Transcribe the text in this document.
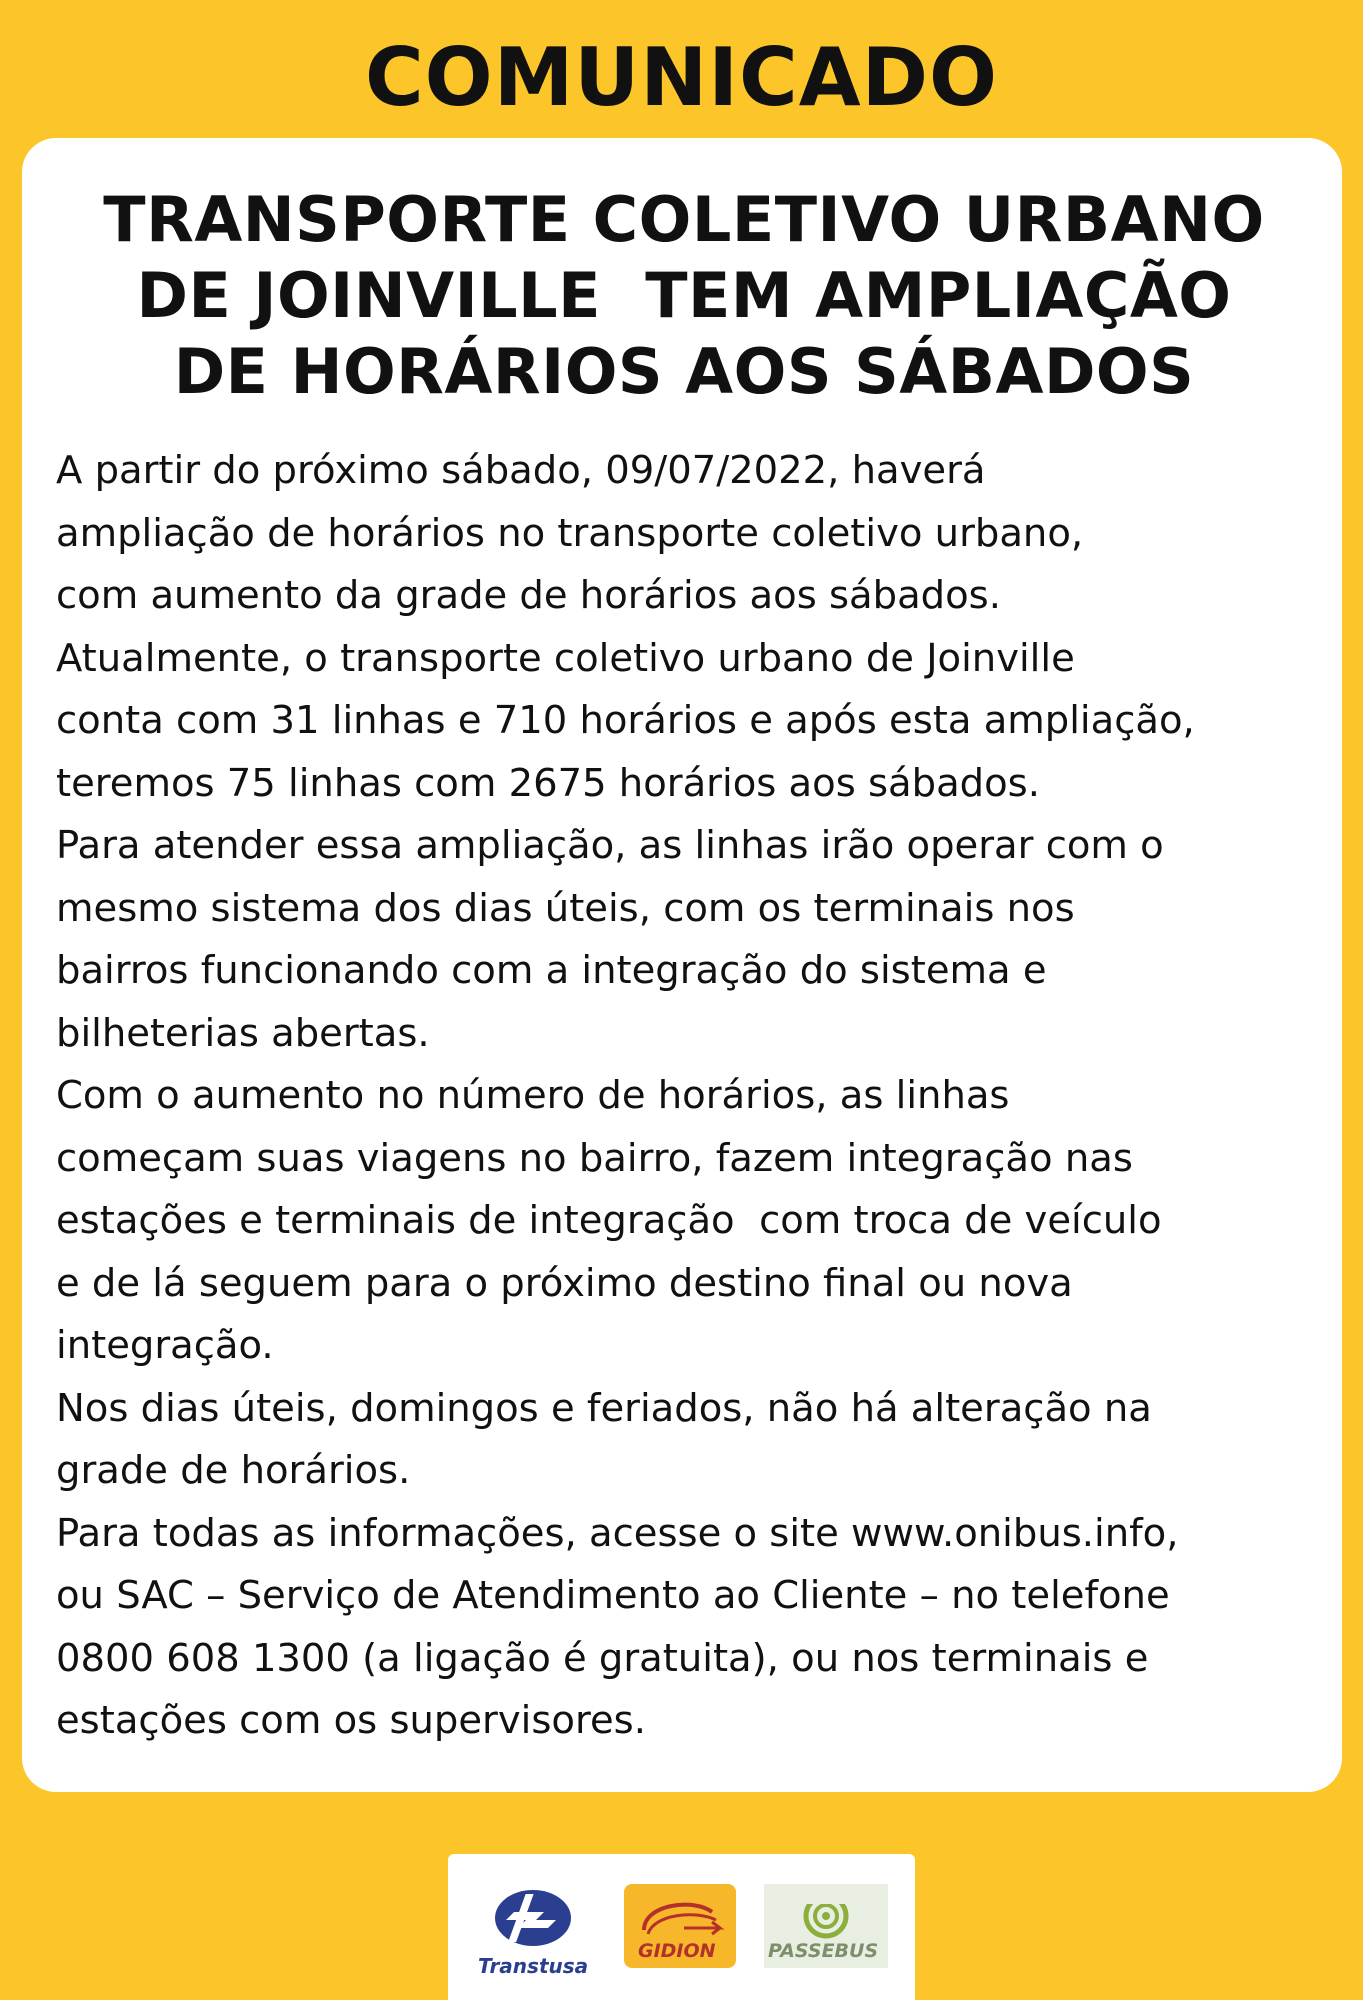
COMUNICADO
TRANSPORTE COLETIVO URBANO
DE JOINVILLE  TEM AMPLIAÇÃO
DE HORÁRIOS AOS SÁBADOS
A partir do próximo sábado, 09/07/2022, haverá
ampliação de horários no transporte coletivo urbano,
com aumento da grade de horários aos sábados.
Atualmente, o transporte coletivo urbano de Joinville
conta com 31 linhas e 710 horários e após esta ampliação,
teremos 75 linhas com 2675 horários aos sábados.
Para atender essa ampliação, as linhas irão operar com o
mesmo sistema dos dias úteis, com os terminais nos
bairros funcionando com a integração do sistema e
bilheterias abertas.
Com o aumento no número de horários, as linhas
começam suas viagens no bairro, fazem integração nas
estações e terminais de integração  com troca de veículo
e de lá seguem para o próximo destino final ou nova
integração.
Nos dias úteis, domingos e feriados, não há alteração na
grade de horários.
Para todas as informações, acesse o site www.onibus.info,
ou SAC – Serviço de Atendimento ao Cliente – no telefone
0800 608 1300 (a ligação é gratuita), ou nos terminais e
estações com os supervisores.
Transtusa
GIDION	PASSEBUS
